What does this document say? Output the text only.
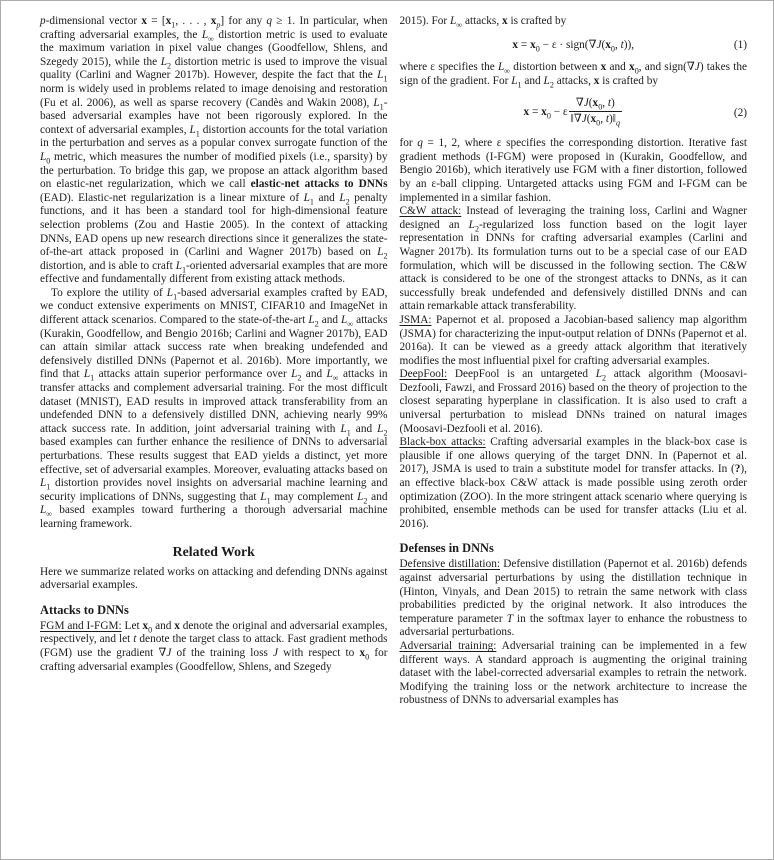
p-dimensional vector $x = [x_1$, . . . , $x_p$] for any q ≥ 1. In particular, when crafting adversarial examples, the $L_\infty$ distortion metric is used to evaluate the maximum variation in pixel value changes (Goodfellow, Shlens, and Szegedy 2015), while the $L_2$ distortion metric is used to improve the visual quality (Carlini and Wagner 2017b). However, despite the fact that the $L_1$ norm is widely used in problems related to image denoising and restoration (Fu et al. 2006), as well as sparse recovery (Candès and Wakin 2008), $L_1$-based adversarial examples have not been rigorously explored. In the context of adversarial examples, $L_1$ distortion accounts for the total variation in the perturbation and serves as a popular convex surrogate function of the $L_0$ metric, which measures the number of modified pixels (i.e., sparsity) by the perturbation. To bridge this gap, we propose an attack algorithm based on elastic-net regularization, which we call elastic-net attacks to DNNs (EAD). Elastic-net regularization is a linear mixture of $L_1$ and $L_2$ penalty functions, and it has been a standard tool for high-dimensional feature selection problems (Zou and Hastie 2005). In the context of attacking DNNs, EAD opens up new research directions since it generalizes the state-of-the-art attack proposed in (Carlini and Wagner 2017b) based on $L_2$ distortion, and is able to craft $L_1$-oriented adversarial examples that are more effective and fundamentally different from existing attack methods.

To explore the utility of $L_1$-based adversarial examples crafted by EAD, we conduct extensive experiments on MNIST, CIFAR10 and ImageNet in different attack scenarios. Compared to the state-of-the-art $L_2$ and $L_\infty$ attacks (Kurakin, Goodfellow, and Bengio 2016b; Carlini and Wagner 2017b), EAD can attain similar attack success rate when breaking undefended and defensively distilled DNNs (Papernot et al. 2016b). More importantly, we find that $L_1$ attacks attain superior performance over $L_2$ and $L_\infty$ attacks in transfer attacks and complement adversarial training. For the most difficult dataset (MNIST), EAD results in improved attack transferability from an undefended DNN to a defensively distilled DNN, achieving nearly 99% attack success rate. In addition, joint adversarial training with $L_1$ and $L_2$ based examples can further enhance the resilience of DNNs to adversarial perturbations. These results suggest that EAD yields a distinct, yet more effective, set of adversarial examples. Moreover, evaluating attacks based on $L_1$ distortion provides novel insights on adversarial machine learning and security implications of DNNs, suggesting that $L_1$ may complement $L_2$ and $L_\infty$ based examples toward furthering a thorough adversarial machine learning framework.

Related Work

Here we summarize related works on attacking and defending DNNs against adversarial examples.

Attacks to DNNs

FGM and I-FGM: Let $x_0$ and x denote the original and adversarial examples, respectively, and let t denote the target class to attack. Fast gradient methods (FGM) use the gradient ∇J of the training loss J with respect to $x_0$ for crafting adversarial examples (Goodfellow, Shlens, and Szegedy

2015). For $L_\infty$ attacks, x is crafted by

$x = x_0 - \varepsilon$ · $sign(\nabla J(x_0$, t)),	(1)

where ε specifies the $L_\infty$ distortion between x and $x_0$, and sign(∇J) takes the sign of the gradient. For $L_1$ and $L_2$ attacks, x is crafted by

$x = x_0 - \varepsilon \frac{\nabla J(x_0, t)}{‖\nabla J(x_0, t)‖_q}$	(2)

for q = 1, 2, where ε specifies the corresponding distortion. Iterative fast gradient methods (I-FGM) were proposed in (Kurakin, Goodfellow, and Bengio 2016b), which iteratively use FGM with a finer distortion, followed by an ε-ball clipping. Untargeted attacks using FGM and I-FGM can be implemented in a similar fashion.

C&W attack: Instead of leveraging the training loss, Carlini and Wagner designed an $L_2$-regularized loss function based on the logit layer representation in DNNs for crafting adversarial examples (Carlini and Wagner 2017b). Its formulation turns out to be a special case of our EAD formulation, which will be discussed in the following section. The C&W attack is considered to be one of the strongest attacks to DNNs, as it can successfully break undefended and defensively distilled DNNs and can attain remarkable attack transferability.

JSMA: Papernot et al. proposed a Jacobian-based saliency map algorithm (JSMA) for characterizing the input-output relation of DNNs (Papernot et al. 2016a). It can be viewed as a greedy attack algorithm that iteratively modifies the most influential pixel for crafting adversarial examples.

DeepFool: DeepFool is an untargeted $L_2$ attack algorithm (Moosavi-Dezfooli, Fawzi, and Frossard 2016) based on the theory of projection to the closest separating hyperplane in classification. It is also used to craft a universal perturbation to mislead DNNs trained on natural images (Moosavi-Dezfooli et al. 2016).

Black-box attacks: Crafting adversarial examples in the black-box case is plausible if one allows querying of the target DNN. In (Papernot et al. 2017), JSMA is used to train a substitute model for transfer attacks. In (?), an effective black-box C&W attack is made possible using zeroth order optimization (ZOO). In the more stringent attack scenario where querying is prohibited, ensemble methods can be used for transfer attacks (Liu et al. 2016).

Defenses in DNNs

Defensive distillation: Defensive distillation (Papernot et al. 2016b) defends against adversarial perturbations by using the distillation technique in (Hinton, Vinyals, and Dean 2015) to retrain the same network with class probabilities predicted by the original network. It also introduces the temperature parameter T in the softmax layer to enhance the robustness to adversarial perturbations.

Adversarial training: Adversarial training can be implemented in a few different ways. A standard approach is augmenting the original training dataset with the label-corrected adversarial examples to retrain the network. Modifying the training loss or the network architecture to increase the robustness of DNNs to adversarial examples has
